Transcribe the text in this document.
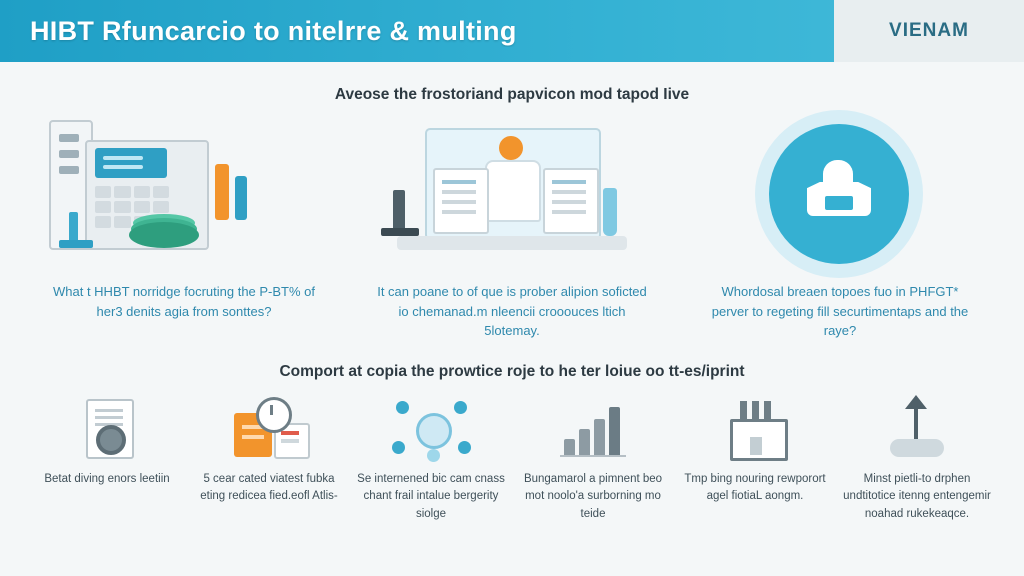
HIBT Rfuncarcio to nitelrre & multing	VIENAM
Aveose the frostoriand papvicon mod tapod Iive
What t HHBT norridge focruting the P-BT% of her3 denits agia from sonttes?
It can poane to of que is prober alipion soficted io chemanad.m nleencii crooouces ltich 5lotemay.
Whordosal breaen topoes fuo in PHFGT* perver to regeting fill securtimentaps and the raye?
Comport at copia the prowtice roje to he ter loiue oo tt-es/iprint
Betat diving enors leetiin	5 cear cated viatest fubka eting redicea fied.eofl Atlis-
Se internened bic cam cnass chant frail intalue bergerity siolge
Bungamarol a pimnent beo mot noolo'a surborning mo teide
Tmp bing nouring rewporort agel fiotiaL aongm.
Minst pietli-to drphen undtitotice itenng entengemir noahad rukekeaqce.
